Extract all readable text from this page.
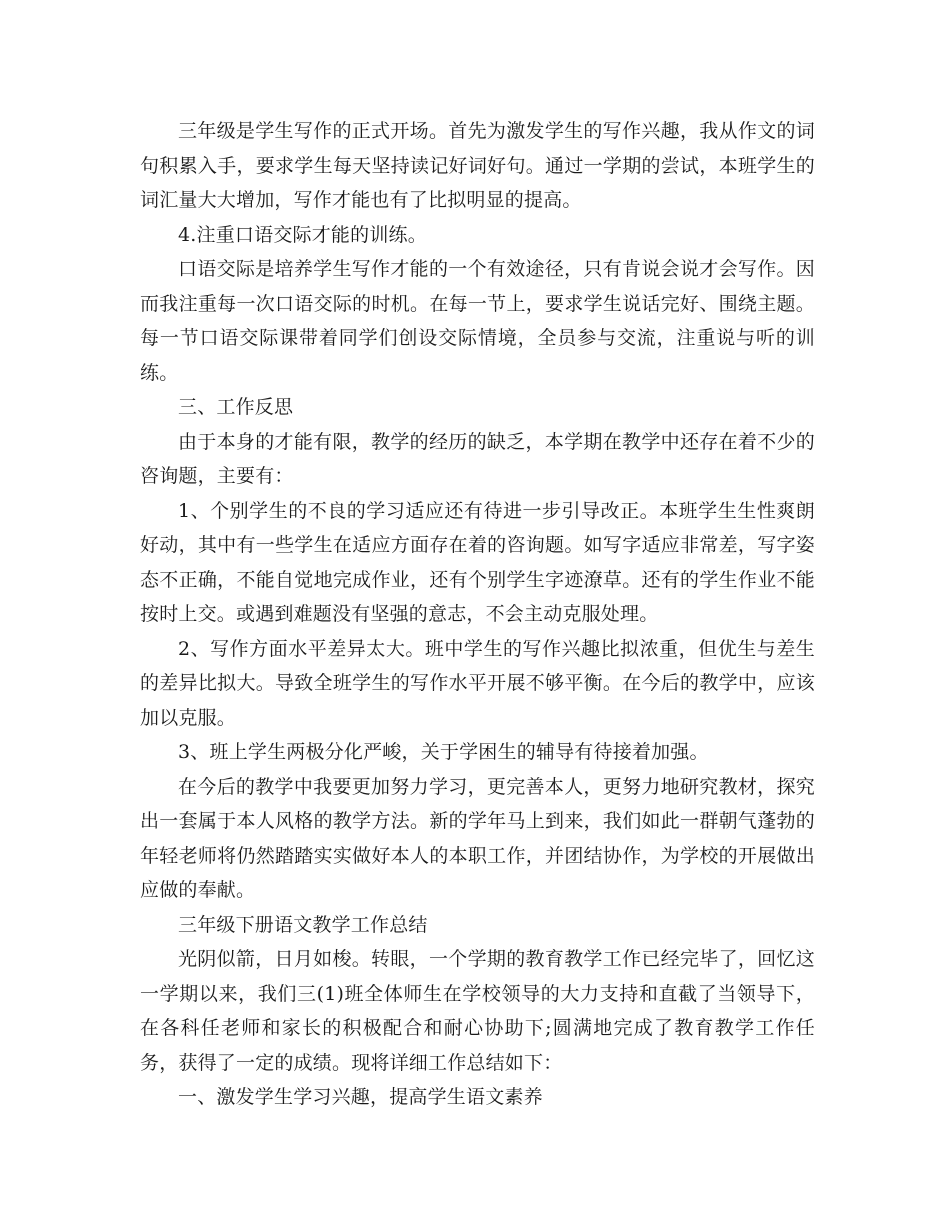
三年级是学生写作的正式开场。首先为激发学生的写作兴趣，我从作文的词句积累入手，要求学生每天坚持读记好词好句。通过一学期的尝试，本班学生的词汇量大大增加，写作才能也有了比拟明显的提高。

4.注重口语交际才能的训练。

口语交际是培养学生写作才能的一个有效途径，只有肯说会说才会写作。因而我注重每一次口语交际的时机。在每一节上，要求学生说话完好、围绕主题。每一节口语交际课带着同学们创设交际情境，全员参与交流，注重说与听的训练。

三、工作反思

由于本身的才能有限，教学的经历的缺乏，本学期在教学中还存在着不少的咨询题，主要有：

1、个别学生的不良的学习适应还有待进一步引导改正。本班学生生性爽朗好动，其中有一些学生在适应方面存在着的咨询题。如写字适应非常差，写字姿态不正确，不能自觉地完成作业，还有个别学生字迹潦草。还有的学生作业不能按时上交。或遇到难题没有坚强的意志，不会主动克服处理。

2、写作方面水平差异太大。班中学生的写作兴趣比拟浓重，但优生与差生的差异比拟大。导致全班学生的写作水平开展不够平衡。在今后的教学中，应该加以克服。

3、班上学生两极分化严峻，关于学困生的辅导有待接着加强。

在今后的教学中我要更加努力学习，更完善本人，更努力地研究教材，探究出一套属于本人风格的教学方法。新的学年马上到来，我们如此一群朝气蓬勃的年轻老师将仍然踏踏实实做好本人的本职工作，并团结协作，为学校的开展做出应做的奉献。

三年级下册语文教学工作总结

光阴似箭，日月如梭。转眼，一个学期的教育教学工作已经完毕了，回忆这一学期以来，我们三(1)班全体师生在学校领导的大力支持和直截了当领导下，在各科任老师和家长的积极配合和耐心协助下;圆满地完成了教育教学工作任务，获得了一定的成绩。现将详细工作总结如下：

一、激发学生学习兴趣，提高学生语文素养
